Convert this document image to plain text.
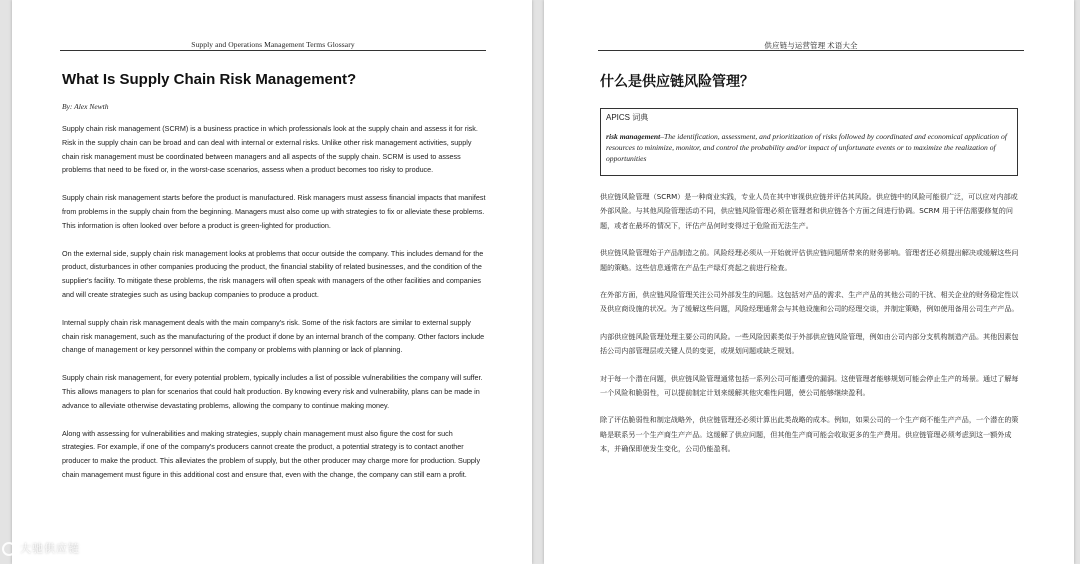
Supply and Operations Management Terms Glossary
What Is Supply Chain Risk Management?
By: Alex Newth

Supply chain risk management (SCRM) is a business practice in which professionals look at the supply chain and assess it for risk. Risk in the supply chain can be broad and can deal with internal or external risks. Unlike other risk management activities, supply chain risk management must be coordinated between managers and all aspects of the supply chain. SCRM is used to assess problems that need to be fixed or, in the worst-case scenarios, assess when a product becomes too risky to produce.

Supply chain risk management starts before the product is manufactured. Risk managers must assess financial impacts that manifest from problems in the supply chain from the beginning. Managers must also come up with strategies to fix or alleviate these problems. This information is often looked over before a product is green-lighted for production.

On the external side, supply chain risk management looks at problems that occur outside the company. This includes demand for the product, disturbances in other companies producing the product, the financial stability of related businesses, and the condition of the supplier's facility. To mitigate these problems, the risk managers will often speak with managers of the other facilities and companies and will create strategies such as using backup companies to produce a product.

Internal supply chain risk management deals with the main company's risk. Some of the risk factors are similar to external supply chain risk management, such as the manufacturing of the product if done by an internal branch of the company. Other factors include change of management or key personnel within the company or problems with planning or lack of planning.

Supply chain risk management, for every potential problem, typically includes a list of possible vulnerabilities the company will suffer. This allows managers to plan for scenarios that could halt production. By knowing every risk and vulnerability, plans can be made in advance to alleviate otherwise devastating problems, allowing the company to continue making money.

Along with assessing for vulnerabilities and making strategies, supply chain management must also figure the cost for such strategies. For example, if one of the company's producers cannot create the product, a potential strategy is to contact another producer to make the product. This alleviates the problem of supply, but the other producer may charge more for production. Supply chain management must figure in this additional cost and ensure that, even with the change, the company can still earn a profit.

供应链与运营管理 术语大全
什么是供应链风险管理？
APICS 词典
risk management–The identification, assessment, and prioritization of risks followed by coordinated and economical application of resources to minimize, monitor, and control the probability and/or impact of unfortunate events or to maximize the realization of opportunities

供应链风险管理（SCRM）是一种商业实践，专业人员在其中审视供应链并评估其风险。供应链中的风险可能很广泛，可以应对内部或外部风险。与其他风险管理活动不同，供应链风险管理必须在管理者和供应链各个方面之间进行协调。SCRM 用于评估需要修复的问题，或者在最坏的情况下，评估产品何时变得过于危险而无法生产。

供应链风险管理始于产品制造之前。风险经理必须从一开始就评估供应链问题所带来的财务影响。管理者还必须提出解决或缓解这些问题的策略。这些信息通常在产品生产绿灯亮起之前进行检查。

在外部方面，供应链风险管理关注公司外部发生的问题。这包括对产品的需求、生产产品的其他公司的干扰、相关企业的财务稳定性以及供应商设施的状况。为了缓解这些问题，风险经理通常会与其他设施和公司的经理交谈，并制定策略，例如使用备用公司生产产品。

内部供应链风险管理处理主要公司的风险。一些风险因素类似于外部供应链风险管理，例如由公司内部分支机构制造产品。其他因素包括公司内部管理层或关键人员的变更，或规划问题或缺乏规划。

对于每一个潜在问题，供应链风险管理通常包括一系列公司可能遭受的漏洞。这使管理者能够规划可能会停止生产的场景。通过了解每一个风险和脆弱性，可以提前制定计划来缓解其他灾难性问题，使公司能够继续盈利。

除了评估脆弱性和制定战略外，供应链管理还必须计算出此类战略的成本。例如，如果公司的一个生产商不能生产产品，一个潜在的策略是联系另一个生产商生产产品。这缓解了供应问题，但其他生产商可能会收取更多的生产费用。供应链管理必须考虑到这一额外成本，并确保即使发生变化，公司仍能盈利。

大驰供应链
